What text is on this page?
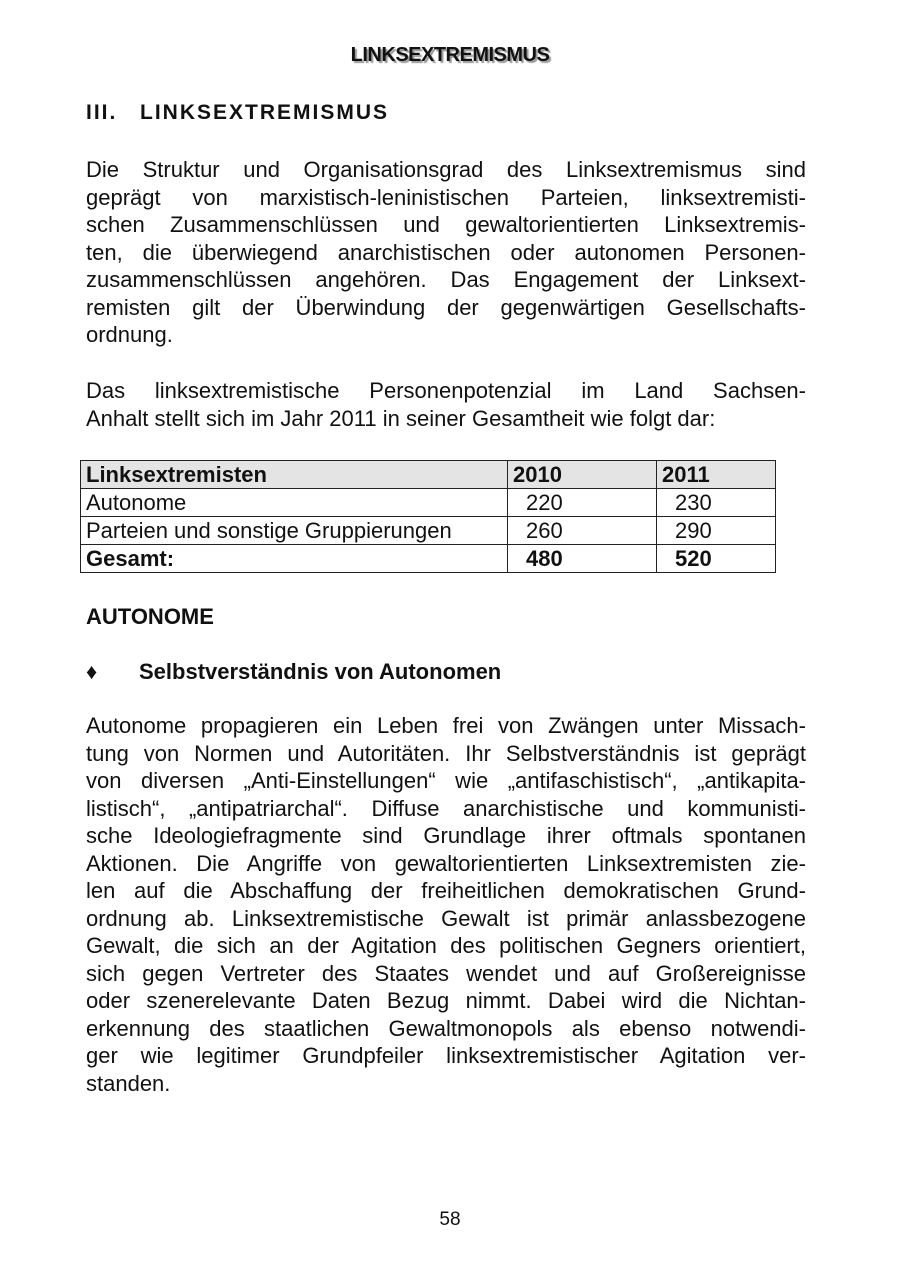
LINKSEXTREMISMUS
III. LINKSEXTREMISMUS
Die Struktur und Organisationsgrad des Linksextremismus sind
geprägt von marxistisch-leninistischen Parteien, linksextremisti-
schen Zusammenschlüssen und gewaltorientierten Linksextremis-
ten, die überwiegend anarchistischen oder autonomen Personen-
zusammenschlüssen angehören. Das Engagement der Linksext-
remisten gilt der Überwindung der gegenwärtigen Gesellschafts-
ordnung.
Das linksextremistische Personenpotenzial im Land Sachsen-
Anhalt stellt sich im Jahr 2011 in seiner Gesamtheit wie folgt dar:
Linksextremisten	2010	2011
Autonome	220	230
Parteien und sonstige Gruppierungen	260	290
Gesamt:	480	520
AUTONOME
♦ Selbstverständnis von Autonomen
Autonome propagieren ein Leben frei von Zwängen unter Missach-
tung von Normen und Autoritäten. Ihr Selbstverständnis ist geprägt
von diversen „Anti-Einstellungen“ wie „antifaschistisch“, „antikapita-
listisch“, „antipatriarchal“. Diffuse anarchistische und kommunisti-
sche Ideologiefragmente sind Grundlage ihrer oftmals spontanen
Aktionen. Die Angriffe von gewaltorientierten Linksextremisten zie-
len auf die Abschaffung der freiheitlichen demokratischen Grund-
ordnung ab. Linksextremistische Gewalt ist primär anlassbezogene
Gewalt, die sich an der Agitation des politischen Gegners orientiert,
sich gegen Vertreter des Staates wendet und auf Großereignisse
oder szenerelevante Daten Bezug nimmt. Dabei wird die Nichtan-
erkennung des staatlichen Gewaltmonopols als ebenso notwendi-
ger wie legitimer Grundpfeiler linksextremistischer Agitation ver-
standen.
58
